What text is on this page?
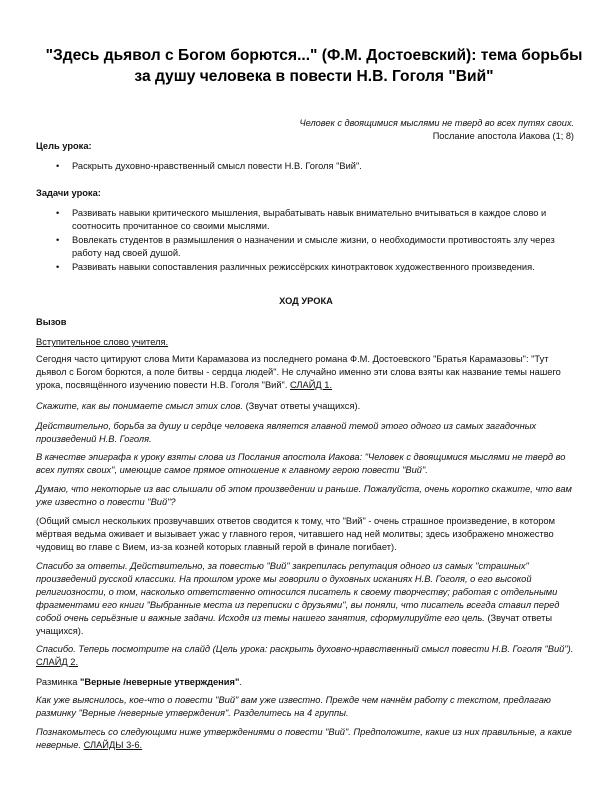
"Здесь дьявол с Богом борются..." (Ф.М. Достоевский): тема борьбы за душу человека в повести Н.В. Гоголя "Вий"
Человек с двоящимися мыслями не тверд во всех путях своих.
Послание апостола Иакова (1; 8)

Цель урока:

• Раскрыть духовно-нравственный смысл повести Н.В. Гоголя "Вий".

Задачи урока:

• Развивать навыки критического мышления, вырабатывать навык внимательно вчитываться в каждое слово и соотносить прочитанное со своими мыслями.
• Вовлекать студентов в размышления о назначении и смысле жизни, о необходимости противостоять злу через работу над своей душой.
• Развивать навыки сопоставления различных режиссёрских кинотрактовок художественного произведения.

ХОД УРОКА

Вызов

Вступительное слово учителя.

Сегодня часто цитируют слова Мити Карамазова из последнего романа Ф.М. Достоевского "Братья Карамазовы": "Тут дьявол с Богом борются, а поле битвы - сердца людей". Не случайно именно эти слова взяты как название темы нашего урока, посвящённого изучению повести Н.В. Гоголя "Вий". СЛАЙД 1.

Скажите, как вы понимаете смысл этих слов. (Звучат ответы учащихся).

Действительно, борьба за душу и сердце человека является главной темой этого одного из самых загадочных произведений Н.В. Гоголя.

В качестве эпиграфа к уроку взяты слова из Послания апостола Иакова: "Человек с двоящимися мыслями не тверд во всех путях своих", имеющие самое прямое отношение к главному герою повести "Вий".

Думаю, что некоторые из вас слышали об этом произведении и раньше. Пожалуйста, очень коротко скажите, что вам уже известно о повести "Вий"?

(Общий смысл нескольких прозвучавших ответов сводится к тому, что "Вий" - очень страшное произведение, в котором мёртвая ведьма оживает и вызывает ужас у главного героя, читавшего над ней молитвы; здесь изображено множество чудовищ во главе с Вием, из-за козней которых главный герой в финале погибает).

Спасибо за ответы. Действительно, за повестью "Вий" закрепилась репутация одного из самых "страшных" произведений русской классики. На прошлом уроке мы говорили о духовных исканиях Н.В. Гоголя, о его высокой религиозности, о том, насколько ответственно относился писатель к своему творчеству; работая с отдельными фрагментами его книги "Выбранные места из переписки с друзьями", вы поняли, что писатель всегда ставил перед собой очень серьёзные и важные задачи. Исходя из темы нашего занятия, сформулируйте его цель. (Звучат ответы учащихся).

Спасибо. Теперь посмотрите на слайд (Цель урока: раскрыть духовно-нравственный смысл повести Н.В. Гоголя "Вий"). СЛАЙД 2.

Разминка "Верные /неверные утверждения".

Как уже выяснилось, кое-что о повести "Вий" вам уже известно. Прежде чем начнём работу с текстом, предлагаю разминку "Верные /неверные утверждения". Разделитесь на 4 группы.

Познакомьтесь со следующими ниже утверждениями о повести "Вий". Предположите, какие из них правильные, а какие неверные. СЛАЙДЫ 3-6.
